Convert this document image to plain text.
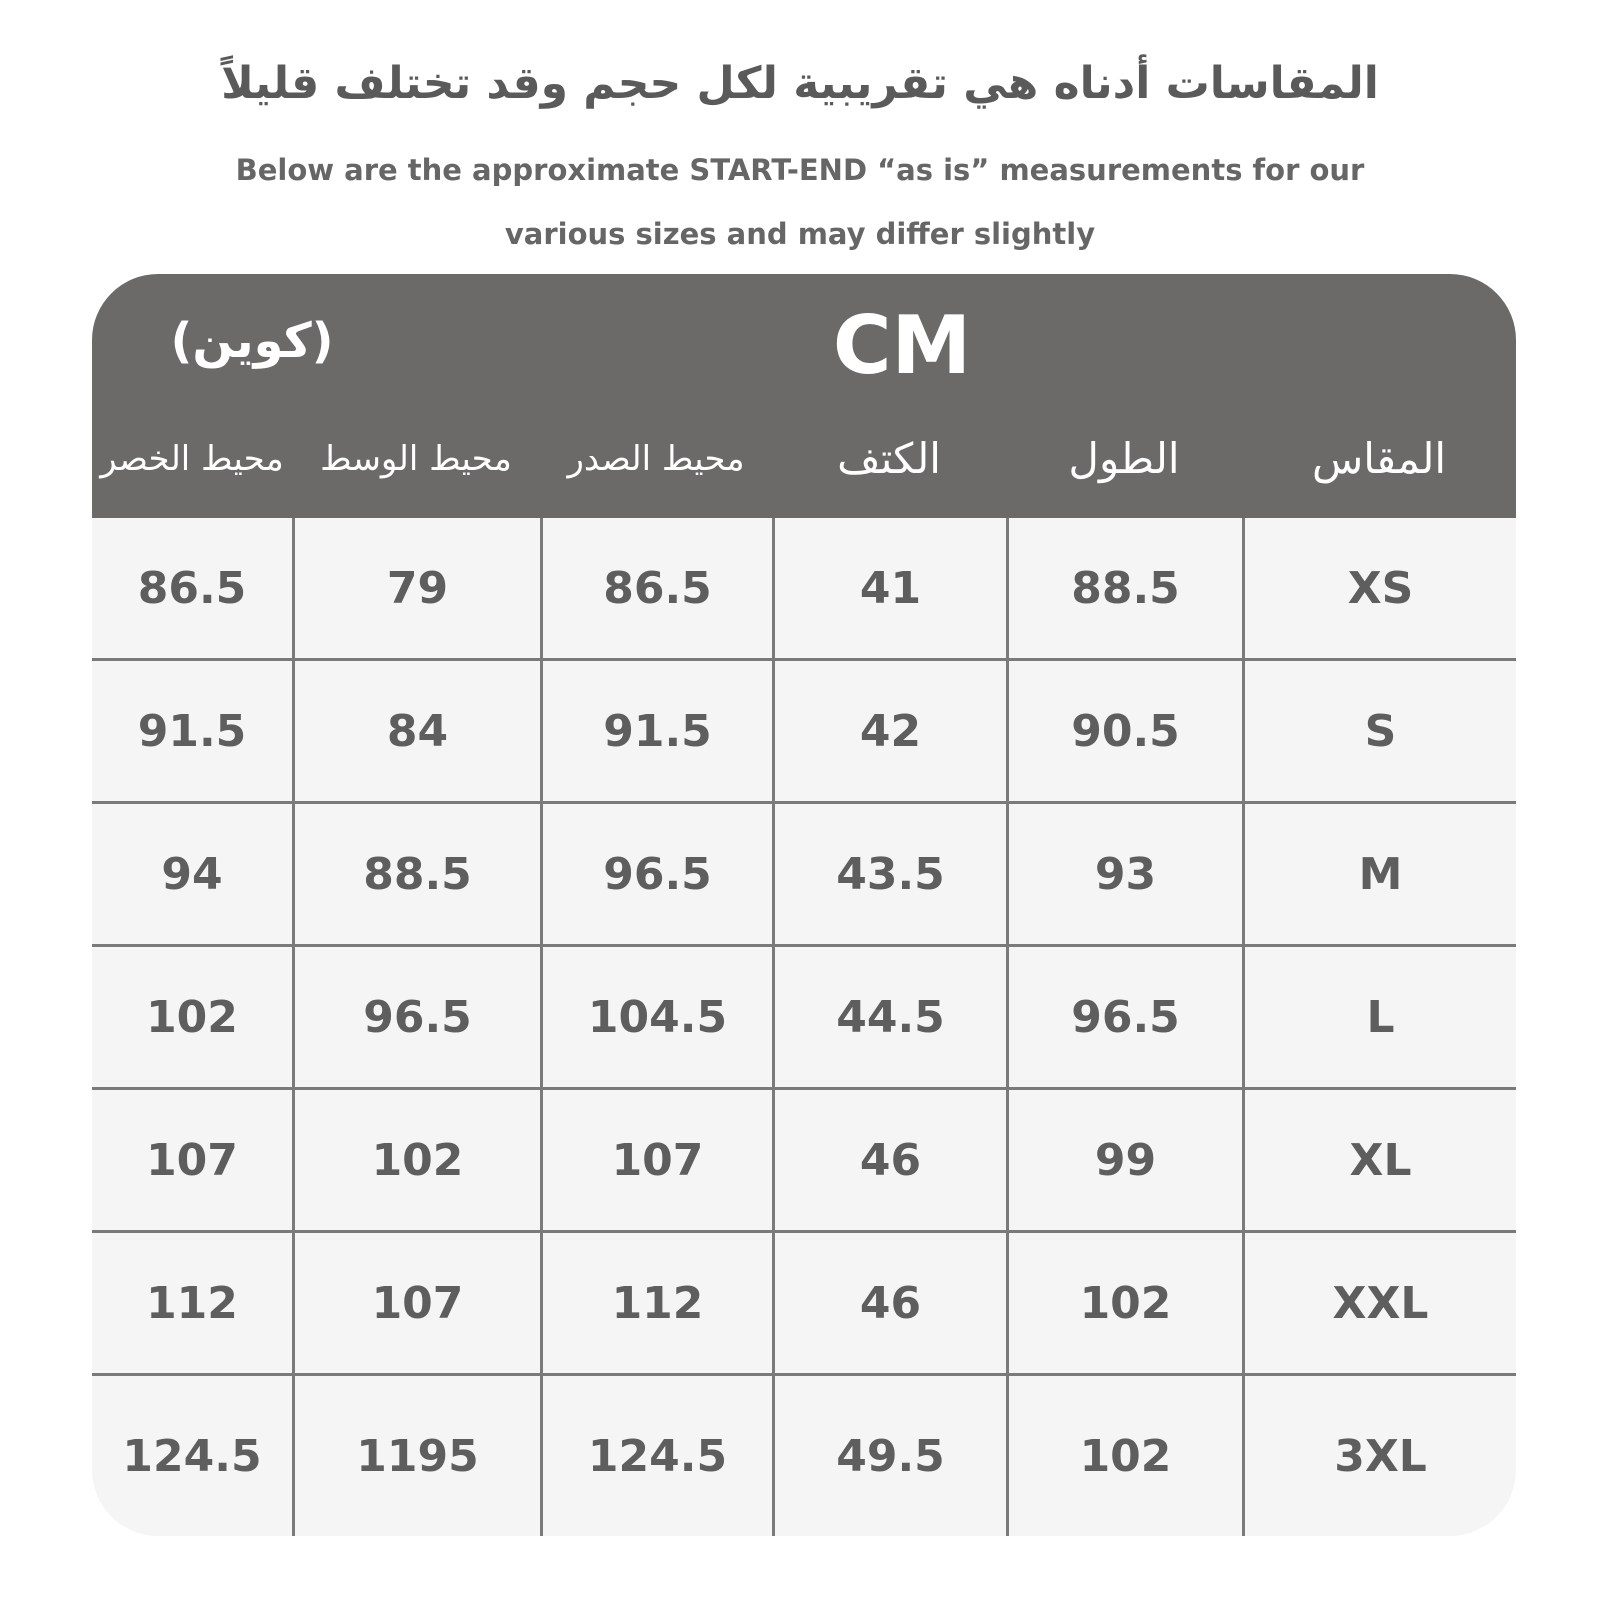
المقاسات أدناه هي تقريبية لكل حجم وقد تختلف قليلاً
Below are the approximate START-END “as is” measurements for our various sizes and may differ slightly
(كوين)	CM
محيط الخصر	محيط الوسط	محيط الصدر	الكتف	الطول	المقاس
86.5	79	86.5	41	88.5	XS
91.5	84	91.5	42	90.5	S
94	88.5	96.5	43.5	93	M
102	96.5	104.5	44.5	96.5	L
107	102	107	46	99	XL
112	107	112	46	102	XXL
124.5	1195	124.5	49.5	102	3XL
